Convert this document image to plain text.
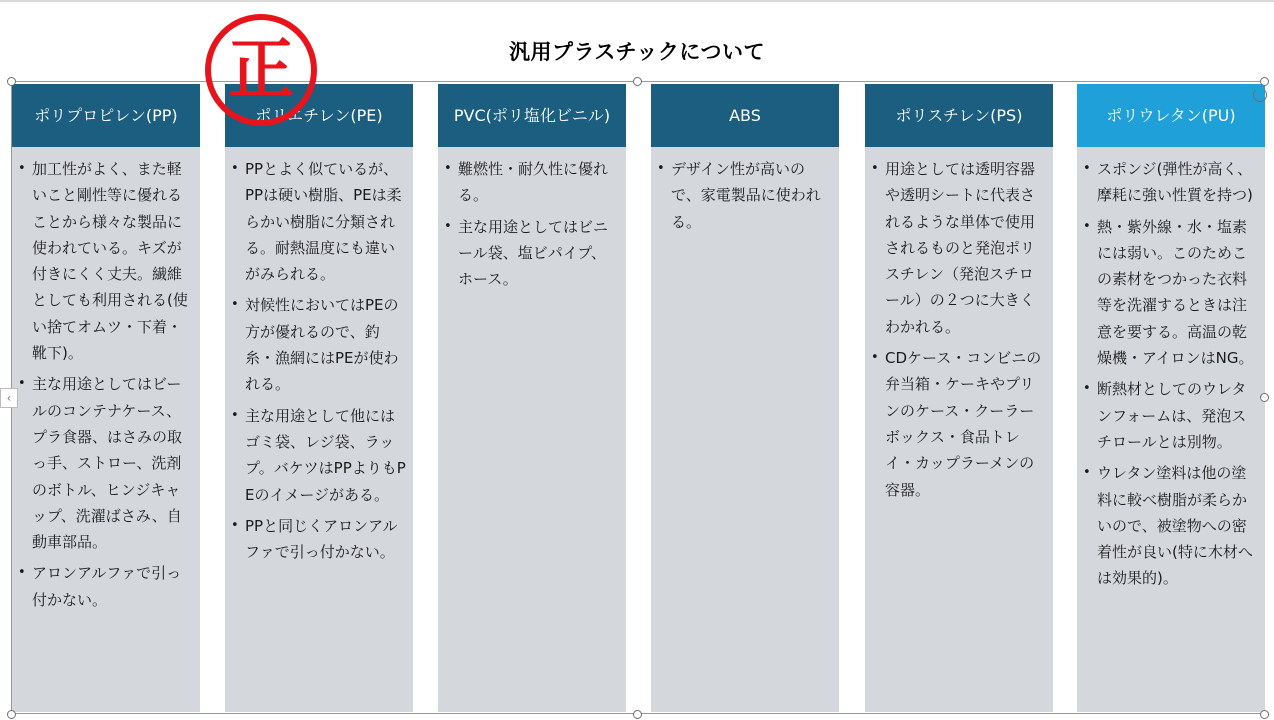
汎用プラスチックについて
ポリプロピレン(PP)
• 加工性がよく、また軽いこと剛性等に優れることから様々な製品に使われている。キズが付きにくく丈夫。繊維としても利用される(使い捨てオムツ・下着・靴下)。
• 主な用途としてはビールのコンテナケース、プラ食器、はさみの取っ手、ストロー、洗剤のボトル、ヒンジキャップ、洗濯ばさみ、自動車部品。
• アロンアルファで引っ付かない。
ポリエチレン(PE)
• PPとよく似ているが、PPは硬い樹脂、PEは柔らかい樹脂に分類される。耐熱温度にも違いがみられる。
• 対候性においてはPEの方が優れるので、釣糸・漁網にはPEが使われる。
• 主な用途として他にはゴミ袋、レジ袋、ラップ。バケツはPPよりもPEのイメージがある。
• PPと同じくアロンアルファで引っ付かない。
PVC(ポリ塩化ビニル)
• 難燃性・耐久性に優れる。
• 主な用途としてはビニール袋、塩ビパイプ、ホース。
ABS
• デザイン性が高いので、家電製品に使われる。
ポリスチレン(PS)
• 用途としては透明容器や透明シートに代表されるような単体で使用されるものと発泡ポリスチレン（発泡スチロール）の２つに大きくわかれる。
• CDケース・コンビニの弁当箱・ケーキやプリンのケース・クーラーボックス・食品トレイ・カップラーメンの容器。
ポリウレタン(PU)
• スポンジ(弾性が高く、摩耗に強い性質を持つ)
• 熱・紫外線・水・塩素には弱い。このためこの素材をつかった衣料等を洗濯するときは注意を要する。高温の乾燥機・アイロンはNG。
• 断熱材としてのウレタンフォームは、発泡スチロールとは別物。
• ウレタン塗料は他の塗料に較べ樹脂が柔らかいので、被塗物への密着性が良い(特に木材へは効果的)。
正
‹
